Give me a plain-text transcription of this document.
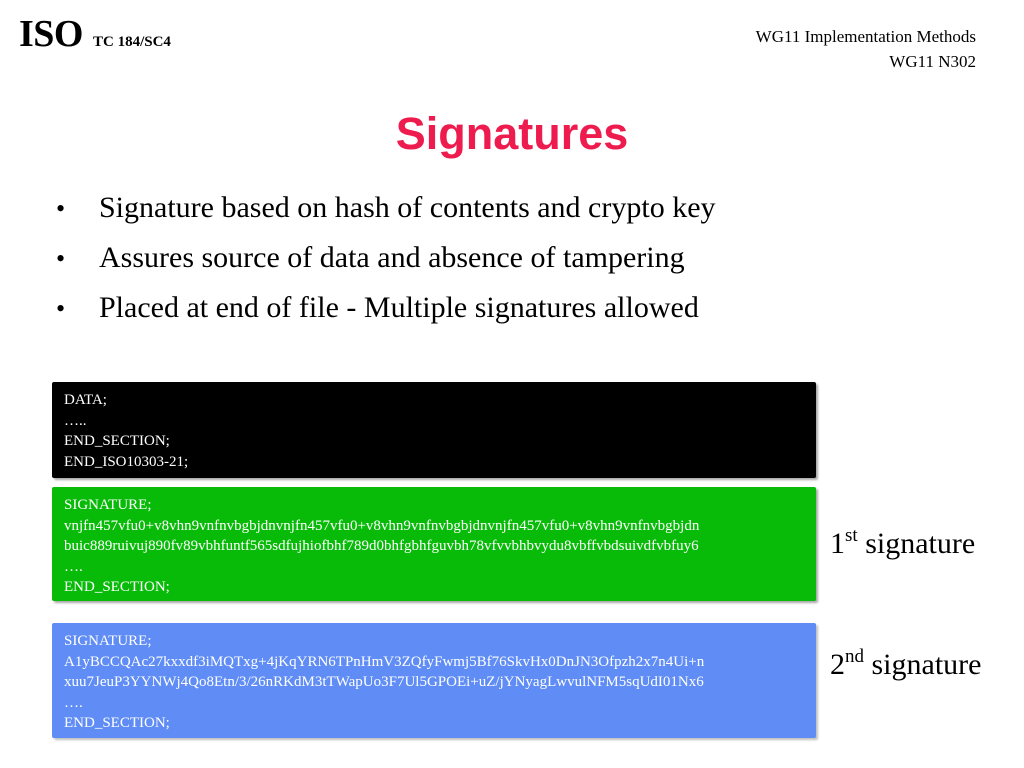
ISO TC 184/SC4	WG11 Implementation Methods
WG11 N302
Signatures
•	Signature based on hash of contents and crypto key
•	Assures source of data and absence of tampering
•	Placed at end of file - Multiple signatures allowed
DATA;
…..
END_SECTION;
END_ISO10303-21;
SIGNATURE;
vnjfn457vfu0+v8vhn9vnfnvbgbjdnvnjfn457vfu0+v8vhn9vnfnvbgbjdnvnjfn457vfu0+v8vhn9vnfnvbgbjdn
buic889ruivuj890fv89vbhfuntf565sdfujhiofbhf789d0bhfgbhfguvbh78vfvvbhbvydu8vbffvbdsuivdfvbfuy6
….
END_SECTION;
SIGNATURE;
A1yBCCQAc27kxxdf3iMQTxg+4jKqYRN6TPnHmV3ZQfyFwmj5Bf76SkvHx0DnJN3Ofpzh2x7n4Ui+n
xuu7JeuP3YYNWj4Qo8Etn/3/26nRKdM3tTWapUo3F7Ul5GPOEi+uZ/jYNyagLwvulNFM5sqUdI01Nx6
….
END_SECTION;
1st signature
2nd signature
